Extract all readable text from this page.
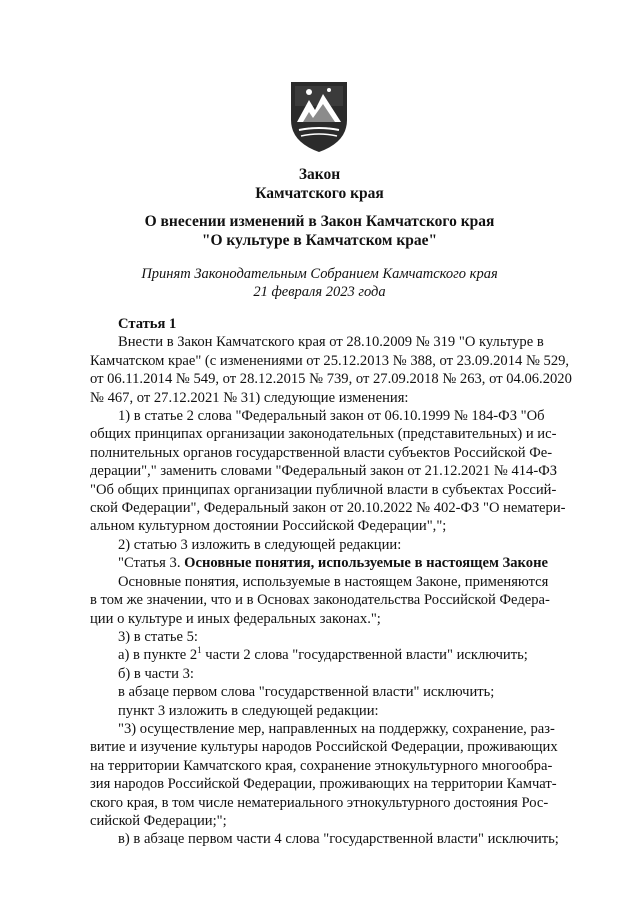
Закон
Камчатского края
О внесении изменений в Закон Камчатского края
"О культуре в Камчатском крае"
Принят Законодательным Собранием Камчатского края
21 февраля 2023 года
Статья 1
Внести в Закон Камчатского края от 28.10.2009 № 319 "О культуре в
Камчатском крае" (с изменениями от 25.12.2013 № 388, от 23.09.2014 № 529,
от 06.11.2014 № 549, от 28.12.2015 № 739, от 27.09.2018 № 263, от 04.06.2020
№ 467, от 27.12.2021 № 31) следующие изменения:
1) в статье 2 слова "Федеральный закон от 06.10.1999 № 184-ФЗ "Об
общих принципах организации законодательных (представительных) и ис-
полнительных органов государственной власти субъектов Российской Фе-
дерации"," заменить словами "Федеральный закон от 21.12.2021 № 414-ФЗ
"Об общих принципах организации публичной власти в субъектах Россий-
ской Федерации", Федеральный закон от 20.10.2022 № 402-ФЗ "О нематери-
альном культурном достоянии Российской Федерации",";
2) статью 3 изложить в следующей редакции:
"Статья 3. Основные понятия, используемые в настоящем Законе
Основные понятия, используемые в настоящем Законе, применяются
в том же значении, что и в Основах законодательства Российской Федера-
ции о культуре и иных федеральных законах.";
3) в статье 5:
а) в пункте $2^1$ части 2 слова "государственной власти" исключить;
б) в части 3:
в абзаце первом слова "государственной власти" исключить;
пункт 3 изложить в следующей редакции:
"3) осуществление мер, направленных на поддержку, сохранение, раз-
витие и изучение культуры народов Российской Федерации, проживающих
на территории Камчатского края, сохранение этнокультурного многообра-
зия народов Российской Федерации, проживающих на территории Камчат-
ского края, в том числе нематериального этнокультурного достояния Рос-
сийской Федерации;";
в) в абзаце первом части 4 слова "государственной власти" исключить;
